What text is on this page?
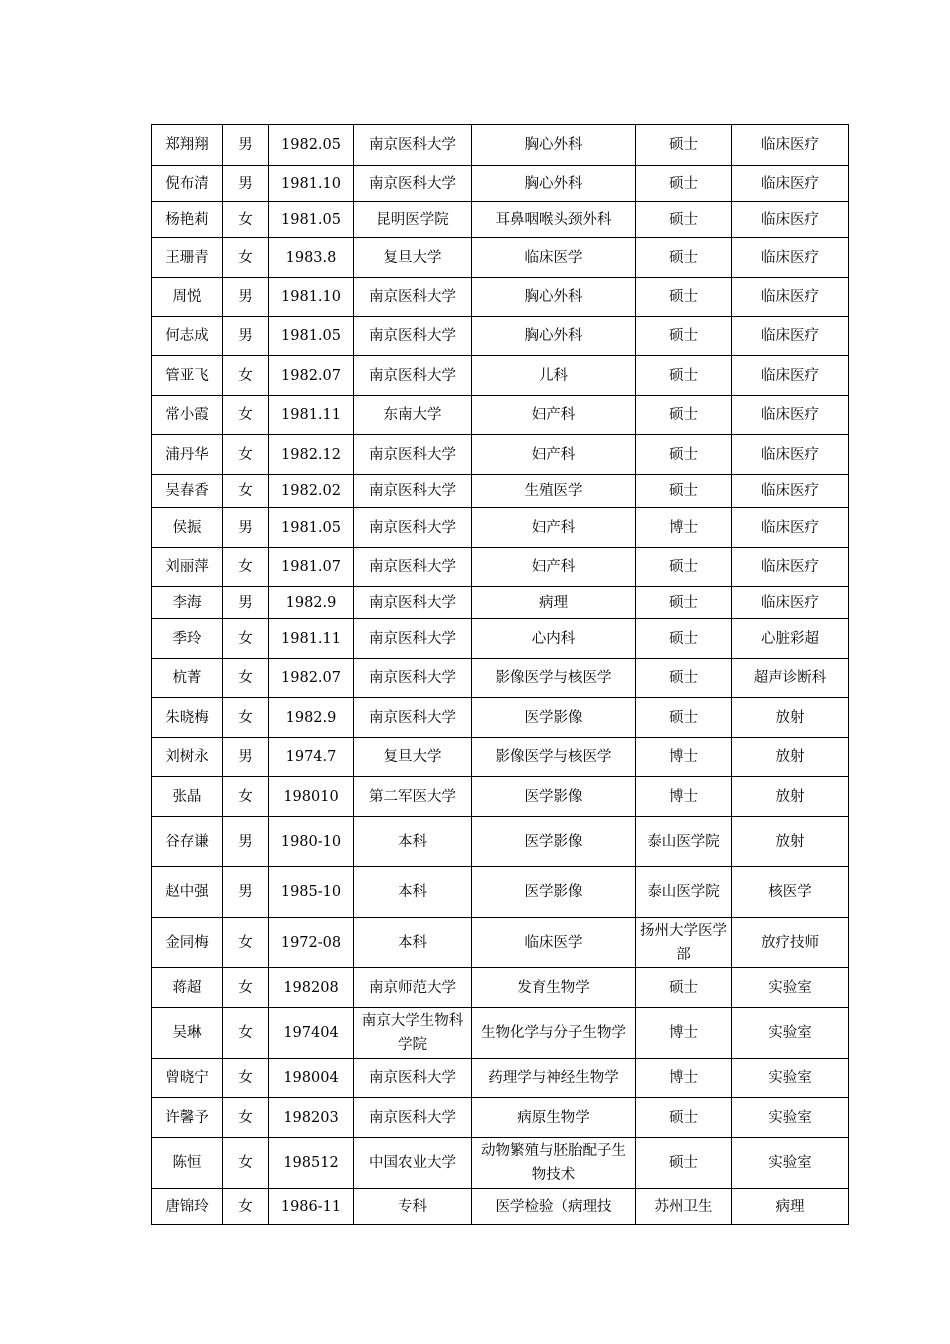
郑翔翔	男	1982.05	南京医科大学	胸心外科	硕士	临床医疗
倪布清	男	1981.10	南京医科大学	胸心外科	硕士	临床医疗
杨艳莉	女	1981.05	昆明医学院	耳鼻咽喉头颈外科	硕士	临床医疗
王珊青	女	1983.8	复旦大学	临床医学	硕士	临床医疗
周悦	男	1981.10	南京医科大学	胸心外科	硕士	临床医疗
何志成	男	1981.05	南京医科大学	胸心外科	硕士	临床医疗
管亚飞	女	1982.07	南京医科大学	儿科	硕士	临床医疗
常小霞	女	1981.11	东南大学	妇产科	硕士	临床医疗
浦丹华	女	1982.12	南京医科大学	妇产科	硕士	临床医疗
吴春香	女	1982.02	南京医科大学	生殖医学	硕士	临床医疗
侯振	男	1981.05	南京医科大学	妇产科	博士	临床医疗
刘丽萍	女	1981.07	南京医科大学	妇产科	硕士	临床医疗
李海	男	1982.9	南京医科大学	病理	硕士	临床医疗
季玲	女	1981.11	南京医科大学	心内科	硕士	心脏彩超
杭菁	女	1982.07	南京医科大学	影像医学与核医学	硕士	超声诊断科
朱晓梅	女	1982.9	南京医科大学	医学影像	硕士	放射
刘树永	男	1974.7	复旦大学	影像医学与核医学	博士	放射
张晶	女	198010	第二军医大学	医学影像	博士	放射
谷存谦	男	1980-10	本科	医学影像	泰山医学院	放射
赵中强	男	1985-10	本科	医学影像	泰山医学院	核医学
金同梅	女	1972-08	本科	临床医学	扬州大学医学部	放疗技师
蒋超	女	198208	南京师范大学	发育生物学	硕士	实验室
吴琳	女	197404	南京大学生物科学院	生物化学与分子生物学	博士	实验室
曾晓宁	女	198004	南京医科大学	药理学与神经生物学	博士	实验室
许馨予	女	198203	南京医科大学	病原生物学	硕士	实验室
陈恒	女	198512	中国农业大学	动物繁殖与胚胎配子生物技术	硕士	实验室
唐锦玲	女	1986-11	专科	医学检验（病理技	苏州卫生	病理
